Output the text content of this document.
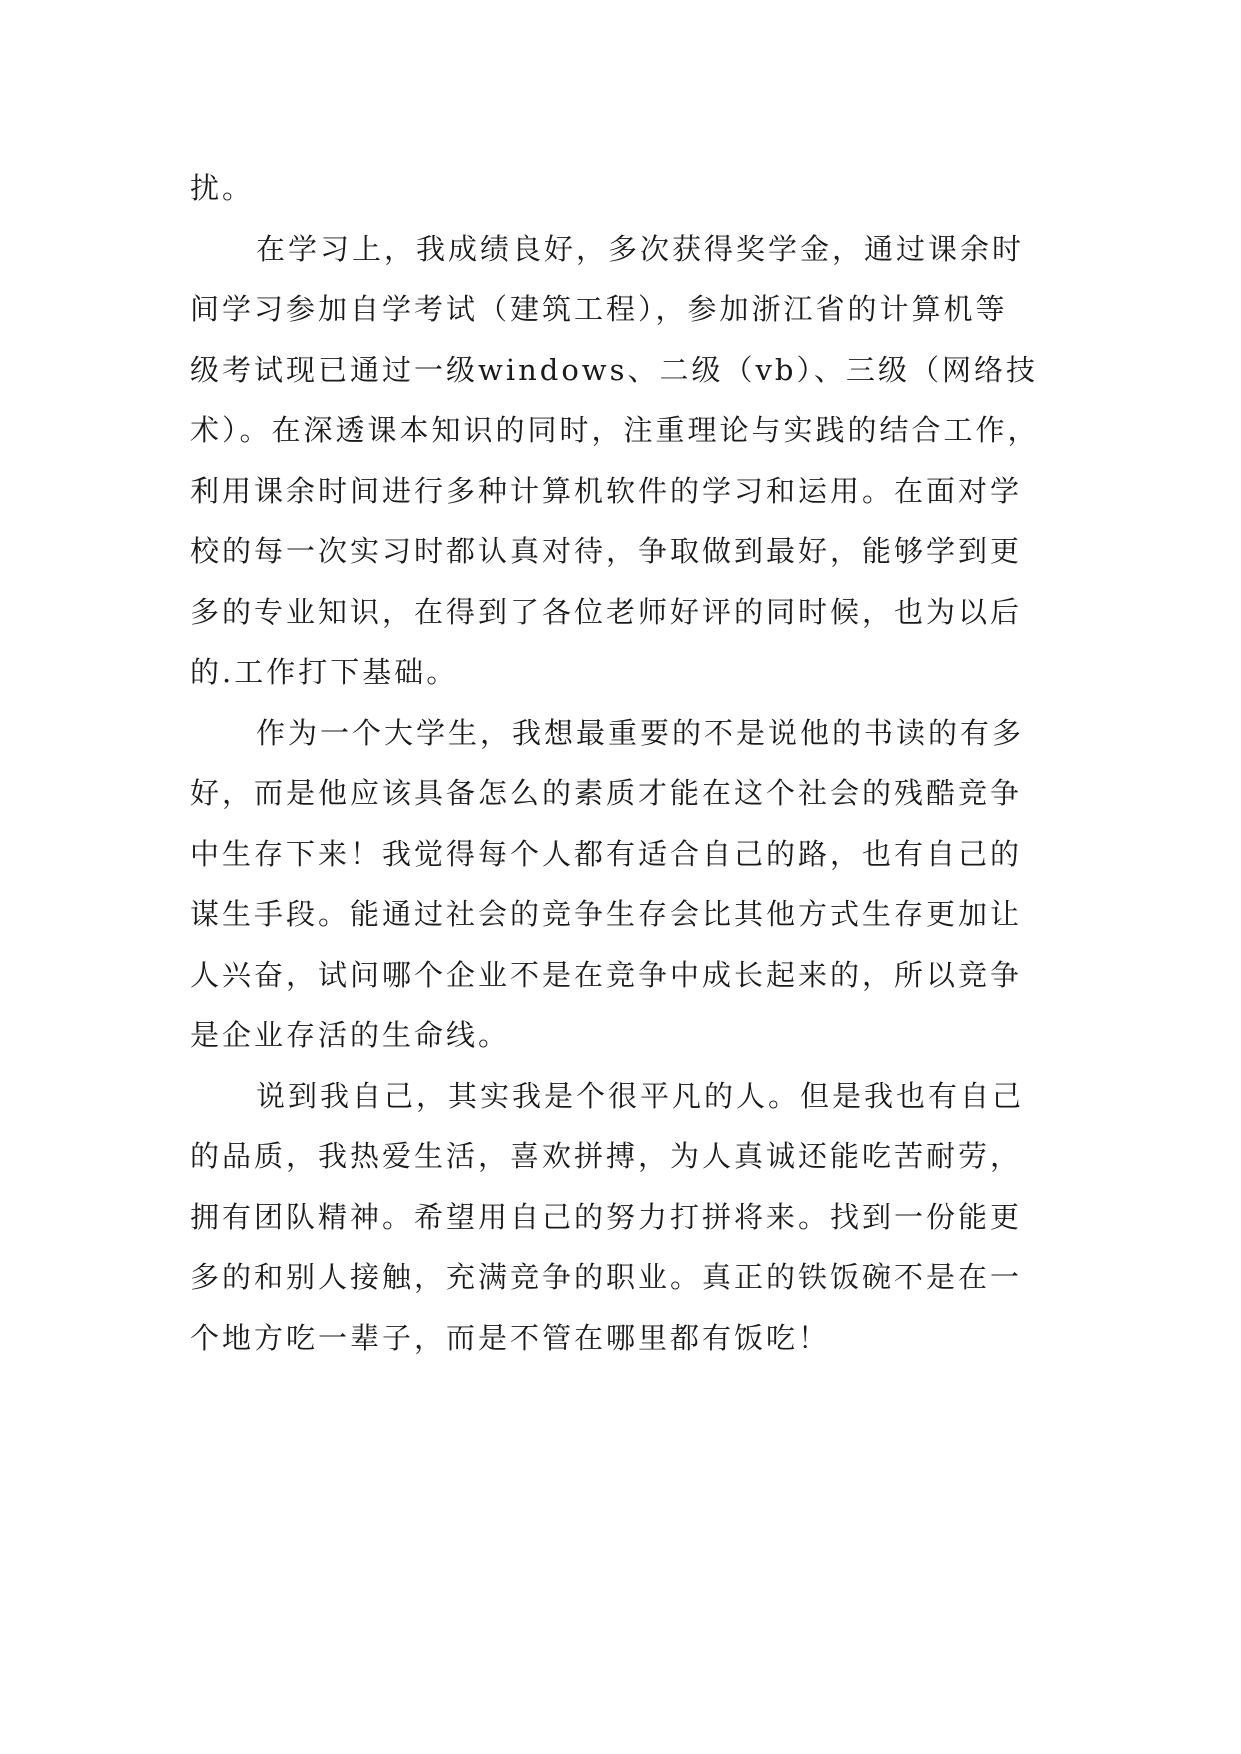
扰。

在学习上，我成绩良好，多次获得奖学金，通过课余时
间学习参加自学考试（建筑工程），参加浙江省的计算机等
级考试现已通过一级windows、二级（vb）、三级（网络技
术）。在深透课本知识的同时，注重理论与实践的结合工作，
利用课余时间进行多种计算机软件的学习和运用。在面对学
校的每一次实习时都认真对待，争取做到最好，能够学到更
多的专业知识，在得到了各位老师好评的同时候，也为以后
的.工作打下基础。

作为一个大学生，我想最重要的不是说他的书读的有多
好，而是他应该具备怎么的素质才能在这个社会的残酷竞争
中生存下来！我觉得每个人都有适合自己的路，也有自己的
谋生手段。能通过社会的竞争生存会比其他方式生存更加让
人兴奋，试问哪个企业不是在竞争中成长起来的，所以竞争
是企业存活的生命线。

说到我自己，其实我是个很平凡的人。但是我也有自己
的品质，我热爱生活，喜欢拼搏，为人真诚还能吃苦耐劳，
拥有团队精神。希望用自己的努力打拼将来。找到一份能更
多的和别人接触，充满竞争的职业。真正的铁饭碗不是在一
个地方吃一辈子，而是不管在哪里都有饭吃！
